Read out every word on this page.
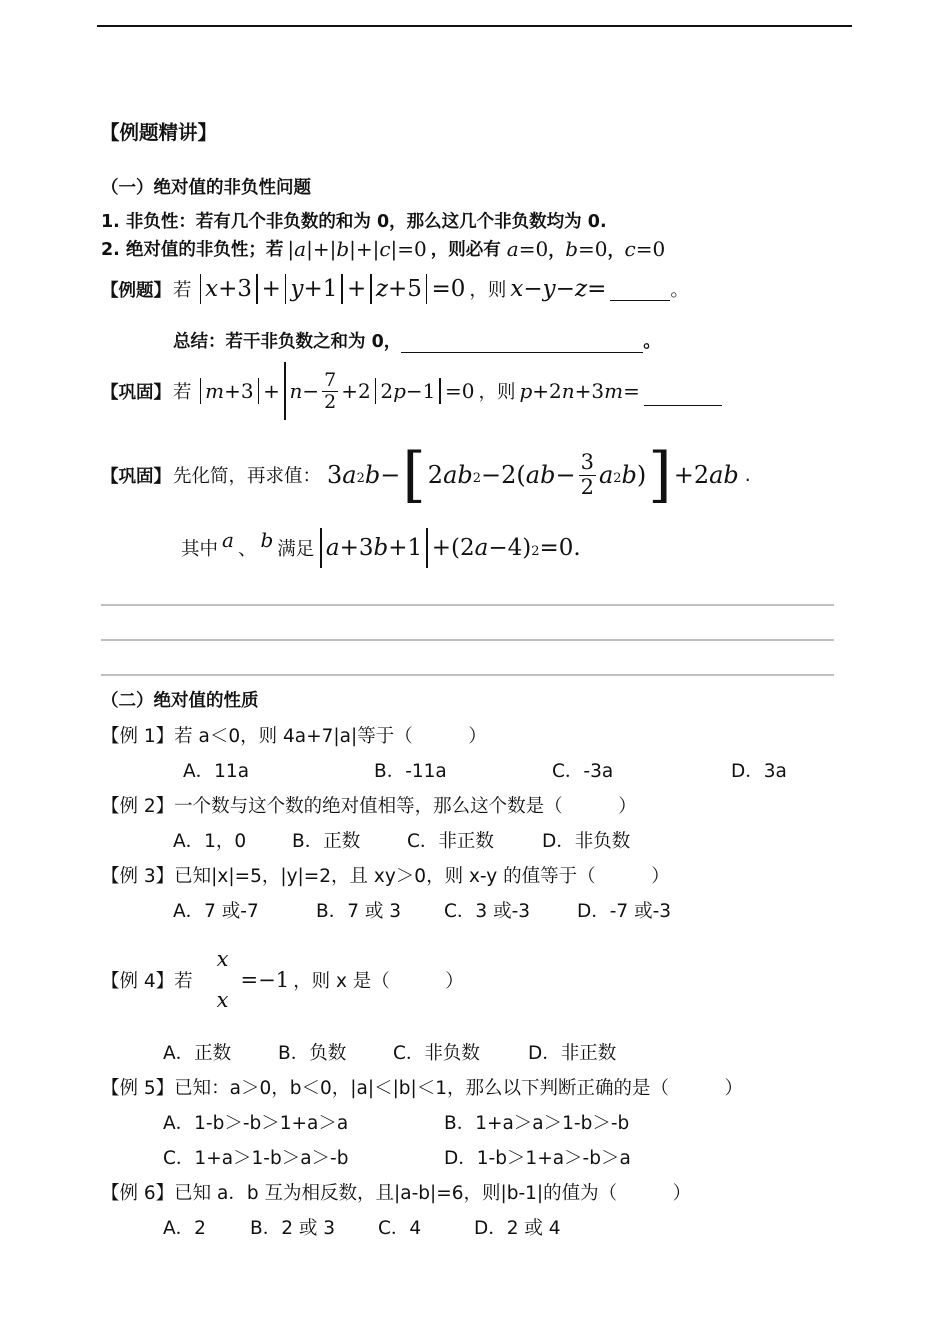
【例题精讲】
（一）绝对值的非负性问题
1. 非负性：若有几个非负数的和为 0，那么这几个非负数均为 0.
2. 绝对值的非负性；若 |a|+|b|+|c|=0 ，则必有 a=0，b=0，c=0
【例题】 若 x +3 + y +1 + z +5 =0 ，则 x−y−z=	。
总结：若干非负数之和为 0，	。
【巩固】 若 $m +3 + n - \frac{7}{2} +2$ 2 p −1 =0 ，则 p+2n+3m=
【巩固】 先化简，再求值： 3 a 2 b − [ 2 ab 2 −2( ab − $\frac{3}{2}$ a 2 b ) ] +2 ab .
其中 a 、 b 满足 a +3 b +1 +(2 a −4) 2 =0.
（二）绝对值的性质
【例 1】若 a＜0，则 4a+7|a|等于（　　　）
A．11a	B．-11a	C．-3a	D．3a
【例 2】一个数与这个数的绝对值相等，那么这个数是（　　　）
A．1，0 B．正数	C．非正数	D．非负数
【例 3】已知|x|=5，|y|=2，且 xy＞0，则 x-y 的值等于（　　　）
A．7 或-7	B．7 或 3 C．3 或-3	D．-7 或-3
【例 4】若
x
x
=−1 ，则 x 是（　　　）
A．正数	B．负数	C．非负数	D．非正数
【例 5】已知：a＞0，b＜0，|a|＜|b|＜1，那么以下判断正确的是（　　　）
A．1-b＞-b＞1+a＞a	B．1+a＞a＞1-b＞-b
C．1+a＞1-b＞a＞-b	D．1-b＞1+a＞-b＞a
【例 6】已知 a．b 互为相反数，且|a-b|=6，则|b-1|的值为（　　　）
A．2 B．2 或 3 C．4	D．2 或 4
